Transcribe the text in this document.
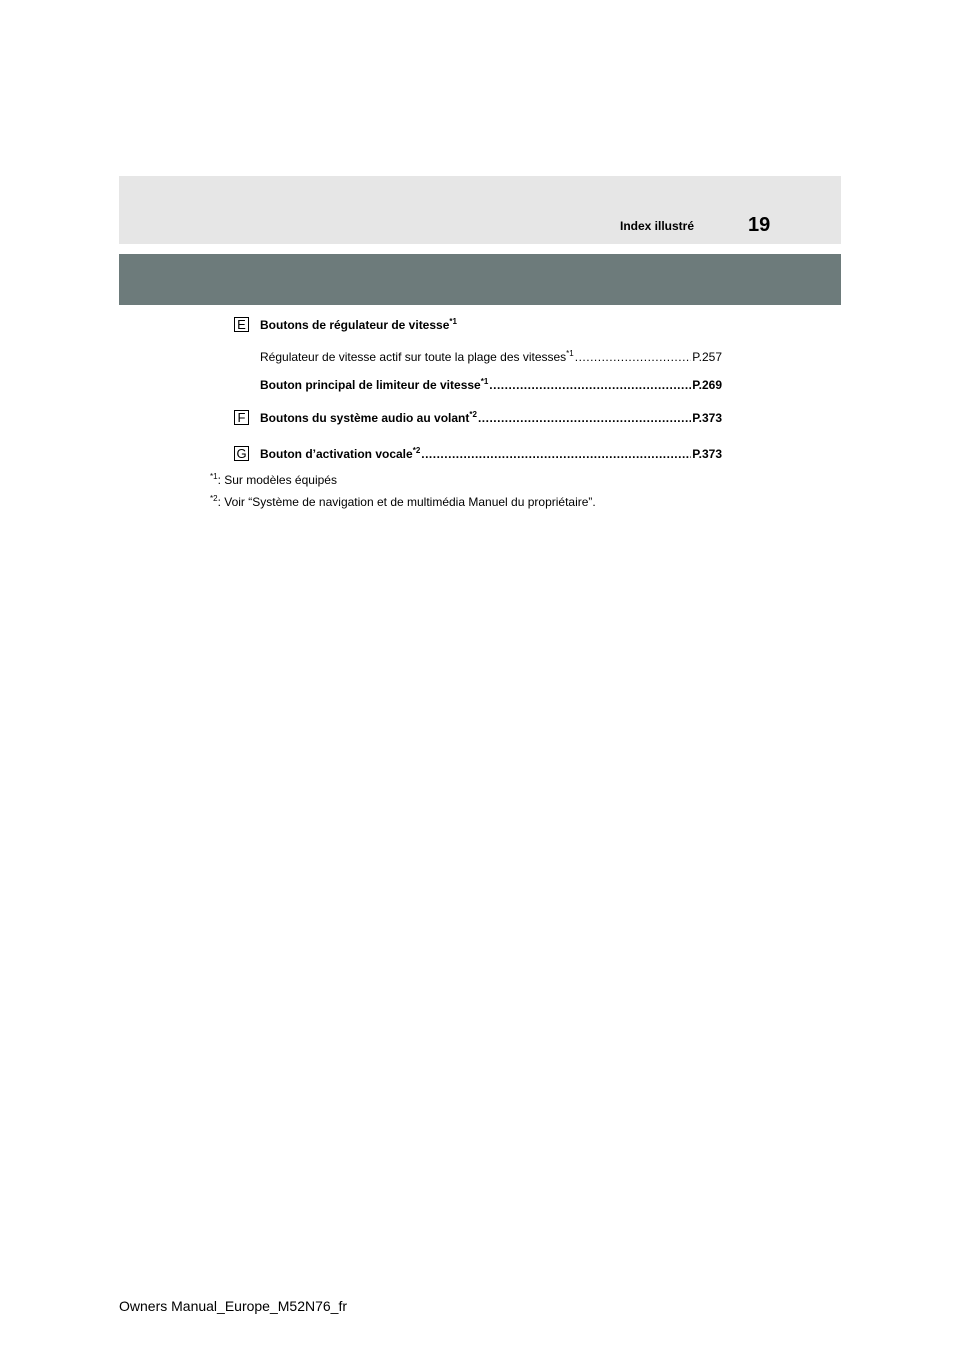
Index illustré	19
E Boutons de régulateur de vitesse$^{*1}$
Régulateur de vitesse actif sur toute la plage des vitesses$^{*1}$ .....	P.257
Bouton principal de limiteur de vitesse$^{*1}$ .....	P.269
F Boutons du système audio au volant$^{*2}$ .....	P.373
G Bouton d’activation vocale$^{*2}$ .....	P.373
$^{*1}$: Sur modèles équipés
$^{*2}$: Voir “Système de navigation et de multimédia Manuel du propriétaire”.
Owners Manual_Europe_M52N76_fr
